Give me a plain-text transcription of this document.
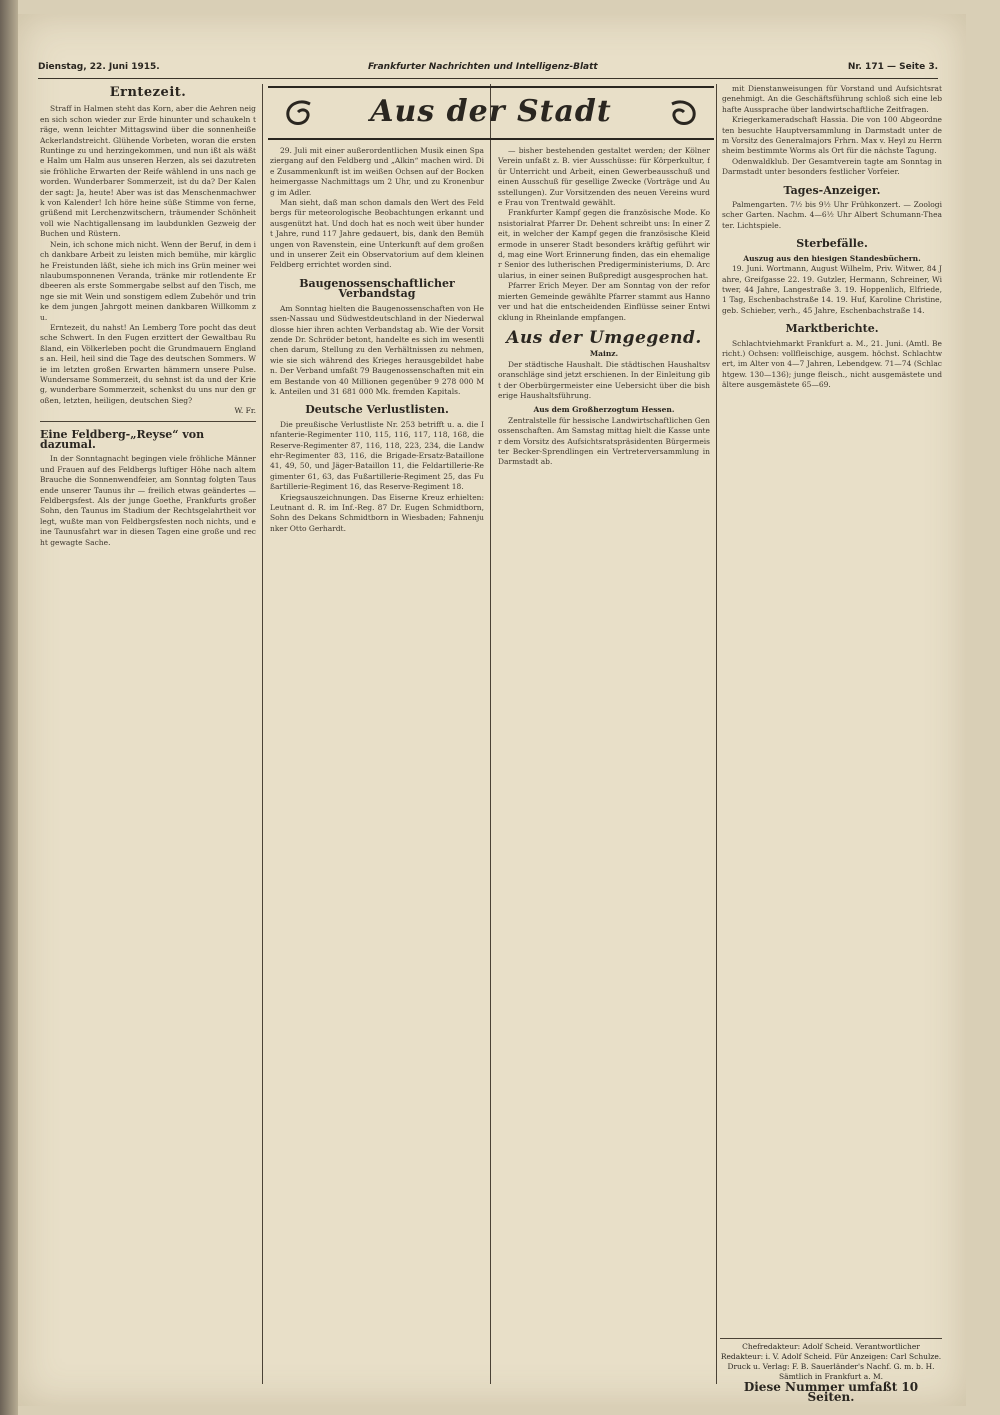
Dienstag, 22. Juni 1915.	Frankfurter Nachrichten und Intelligenz-Blatt	Nr. 171 — Seite 3.
Aus der Stadt
Erntezeit.

Straff in Halmen steht das Korn, aber die Aehren neigen sich schon wieder zur Erde hinunter und schaukeln träge, wenn leichter Mittagswind über die sonnenheiße Ackerlandstreicht. Glühende Vorbeten, woran die ersten Runtinge zu und herzingekommen, und nun ißt als wäßte Halm um Halm aus unseren Herzen, als sei dazutreten sie fröhliche Erwarten der Reife wählend in uns nach geworden. Wunderbarer Sommerzeit, ist du da? Der Kalender sagt: Ja, heute! Aber was ist das Menschenmachwerk von Kalender! Ich höre heine süße Stimme von ferne, grüßend mit Lerchenzwitschern, träumender Schönheit voll wie Nachtigallensang im laubdunklen Gezweig der Buchen und Rüstern.

Nein, ich schone mich nicht. Wenn der Beruf, in dem ich dankbare Arbeit zu leisten mich bemühe, mir kärgliche Freistunden läßt, siehe ich mich ins Grün meiner weinlaubumsponnenen Veranda, tränke mir rotlendente Erdbeeren als erste Sommergabe selbst auf den Tisch, menge sie mit Wein und sonstigem edlem Zubehör und trinke dem jungen Jahrgott meinen dankbaren Willkomm zu.

Erntezeit, du nahst! An Lemberg Tore pocht das deutsche Schwert. In den Fugen erzittert der Gewaltbau Rußland, ein Völkerleben pocht die Grundmauern Englands an. Heil, heil sind die Tage des deutschen Sommers. Wie im letzten großen Erwarten hämmern unsere Pulse. Wundersame Sommerzeit, du sehnst ist da und der Krieg, wunderbare Sommerzeit, schenkst du uns nur den großen, letzten, heiligen, deutschen Sieg?

W. Fr.
Eine Feldberg-„Reyse“ von dazumal.

In der Sonntagnacht begingen viele fröhliche Männer und Frauen auf des Feldbergs luftiger Höhe nach altem Brauche die Sonnenwendfeier, am Sonntag folgten Tausende unserer Taunus ihr — freilich etwas geändertes — Feldbergsfest. Als der junge Goethe, Frankfurts großer Sohn, den Taunus im Stadium der Rechtsgelahrtheit vorlegt, wußte man von Feldbergsfesten noch nichts, und eine Taunusfahrt war in diesen Tagen eine große und recht gewagte Sache.

29. Juli mit einer außerordentlichen Musik einen Spaziergang auf den Feldberg und „Alkin“ machen wird. Die Zusammenkunft ist im weißen Ochsen auf der Bockenheimergasse Nachmittags um 2 Uhr, und zu Kronenburg im Adler.

Man sieht, daß man schon damals den Wert des Feldbergs für meteorologische Beobachtungen erkannt und ausgenützt hat. Und doch hat es noch weit über hundert Jahre, rund 117 Jahre gedauert, bis, dank den Bemühungen von Ravenstein, eine Unterkunft auf dem großen und in unserer Zeit ein Observatorium auf dem kleinen Feldberg errichtet worden sind.

Baugenossenschaftlicher Verbandstag

Am Sonntag hielten die Baugenossenschaften von Hessen-Nassau und Südwestdeutschland in der Niederwaldlosse hier ihren achten Verbandstag ab. Wie der Vorsitzende Dr. Schröder betont, handelte es sich im wesentlichen darum, Stellung zu den Verhältnissen zu nehmen, wie sie sich während des Krieges herausgebildet haben. Der Verband umfaßt 79 Baugenossenschaften mit einem Bestande von 40 Millionen gegenüber 9 278 000 Mk. Anteilen und 31 681 000 Mk. fremden Kapitals.

Deutsche Verlustlisten.

Die preußische Verlustliste Nr. 253 betrifft u. a. die Infanterie-Regimenter 110, 115, 116, 117, 118, 168, die Reserve-Regimenter 87, 116, 118, 223, 234, die Landwehr-Regimenter 83, 116, die Brigade-Ersatz-Bataillone 41, 49, 50, und Jäger-Bataillon 11, die Feldartillerie-Regimenter 61, 63, das Fußartillerie-Regiment 25, das Fußartillerie-Regiment 16, das Reserve-Regiment 18.

Kriegsauszeichnungen. Das Eiserne Kreuz erhielten: Leutnant d. R. im Inf.-Reg. 87 Dr. Eugen Schmidtborn, Sohn des Dekans Schmidtborn in Wiesbaden; Fahnenjunker Otto Gerhardt.

— bisher bestehenden gestaltet werden; der Kölner Verein unfaßt z. B. vier Ausschüsse: für Körperkultur, für Unterricht und Arbeit, einen Gewerbeausschuß und einen Ausschuß für gesellige Zwecke (Vorträge und Ausstellungen). Zur Vorsitzenden des neuen Vereins wurde Frau von Trentwald gewählt.

Frankfurter Kampf gegen die französische Mode. Konsistorialrat Pfarrer Dr. Dehent schreibt uns: In einer Zeit, in welcher der Kampf gegen die französische Kleidermode in unserer Stadt besonders kräftig geführt wird, mag eine Wort Erinnerung finden, das ein ehemaliger Senior des lutherischen Predigerministeriums, D. Arcularius, in einer seinen Bußpredigt ausgesprochen hat.

Pfarrer Erich Meyer. Der am Sonntag von der reformierten Gemeinde gewählte Pfarrer stammt aus Hannover und hat die entscheidenden Einflüsse seiner Entwicklung in Rheinlande empfangen.

Aus der Umgegend.
Mainz.

Der städtische Haushalt. Die städtischen Haushaltsvoranschläge sind jetzt erschienen. In der Einleitung gibt der Oberbürgermeister eine Uebersicht über die bisherige Haushaltsführung.

Aus dem Großherzogtum Hessen.

Zentralstelle für hessische Landwirtschaftlichen Genossenschaften. Am Samstag mittag hielt die Kasse unter dem Vorsitz des Aufsichtsratspräsidenten Bürgermeister Becker-Sprendlingen ein Vertreterversammlung in Darmstadt ab.

mit Dienstanweisungen für Vorstand und Aufsichtsrat genehmigt. An die Geschäftsführung schloß sich eine lebhafte Aussprache über landwirtschaftliche Zeitfragen.

Kriegerkameradschaft Hassia. Die von 100 Abgeordneten besuchte Hauptversammlung in Darmstadt unter dem Vorsitz des Generalmajors Frhrn. Max v. Heyl zu Herrnsheim bestimmte Worms als Ort für die nächste Tagung.

Odenwaldklub. Der Gesamtverein tagte am Sonntag in Darmstadt unter besonders festlicher Vorfeier.

Tages-Anzeiger.

Palmengarten. 7½ bis 9½ Uhr Frühkonzert. — Zoologischer Garten. Nachm. 4—6½ Uhr Albert Schumann-Theater. Lichtspiele.

Sterbefälle.
Auszug aus den hiesigen Standesbüchern.

19. Juni. Wortmann, August Wilhelm, Priv. Witwer, 84 Jahre, Greifgasse 22. 19. Gutzler, Hermann, Schreiner, Witwer, 44 Jahre, Langestraße 3. 19. Hoppenlich, Elfriede, 1 Tag, Eschenbachstraße 14. 19. Huf, Karoline Christine, geb. Schieber, verh., 45 Jahre, Eschenbachstraße 14.

Marktberichte.

Schlachtviehmarkt Frankfurt a. M., 21. Juni. (Amtl. Bericht.) Ochsen: vollfleischige, ausgem. höchst. Schlachtwert, im Alter von 4—7 Jahren, Lebendgew. 71—74 (Schlachtgew. 130—136); junge fleisch., nicht ausgemästete und ältere ausgemästete 65—69.

Chefredakteur: Adolf Scheid. Verantwortlicher Redakteur: i. V. Adolf Scheid. Für Anzeigen: Carl Schulze.
Druck u. Verlag: F. B. Sauerländer's Nachf. G. m. b. H. Sämtlich in Frankfurt a. M.
Diese Nummer umfaßt 10 Seiten.
